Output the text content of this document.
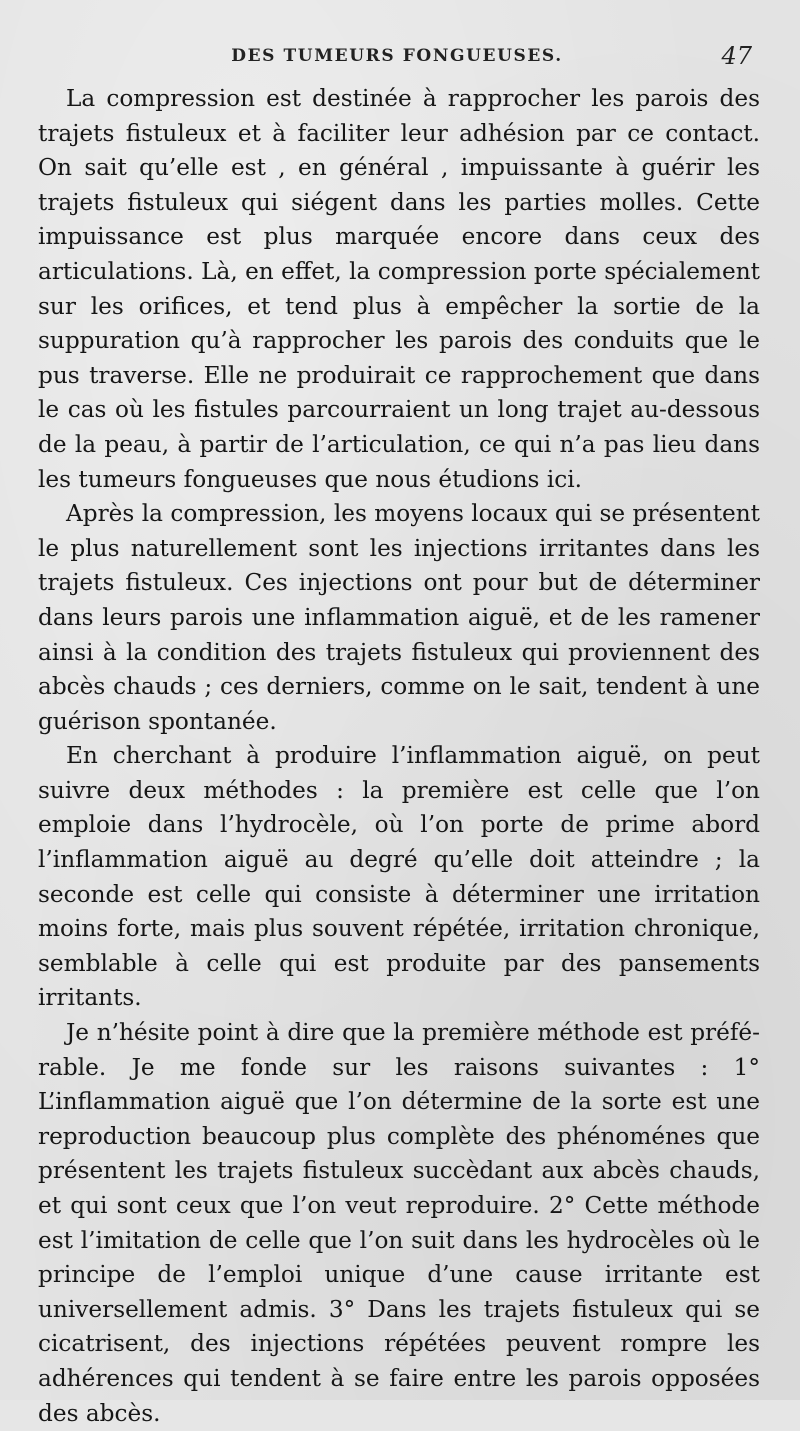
DES TUMEURS FONGUEUSES.	47

La compression est destinée à rapprocher les parois des trajets fistuleux et à faciliter leur adhésion par ce contact. On sait qu’elle est , en général , impuissante à guérir les trajets fistuleux qui siégent dans les parties molles. Cette impuissance est plus marquée encore dans ceux des articulations. Là, en effet, la compression porte spécialement sur les orifices, et tend plus à empêcher la sortie de la suppuration qu’à rapprocher les parois des conduits que le pus traverse. Elle ne produirait ce rapprochement que dans le cas où les fistules parcourraient un long trajet au-dessous de la peau, à partir de l’articulation, ce qui n’a pas lieu dans les tumeurs fongueuses que nous étudions ici.

Après la compression, les moyens locaux qui se présentent le plus naturellement sont les injections irritantes dans les trajets fistuleux. Ces injections ont pour but de déterminer dans leurs parois une inflammation aiguë, et de les ramener ainsi à la condition des trajets fistuleux qui proviennent des abcès chauds ; ces derniers, comme on le sait, tendent à une guérison spontanée.

En cherchant à produire l’inflammation aiguë, on peut suivre deux méthodes : la première est celle que l’on emploie dans l’hydrocèle, où l’on porte de prime abord l’inflammation aiguë au degré qu’elle doit atteindre ; la seconde est celle qui consiste à déterminer une irritation moins forte, mais plus souvent répétée, irritation chronique, semblable à celle qui est produite par des pansements irritants.

Je n’hésite point à dire que la première méthode est préférable. Je me fonde sur les raisons suivantes : 1° L’inflammation aiguë que l’on détermine de la sorte est une reproduction beaucoup plus complète des phénoménes que présentent les trajets fistuleux succèdant aux abcès chauds, et qui sont ceux que l’on veut reproduire. 2° Cette méthode est l’imitation de celle que l’on suit dans les hydrocèles où le principe de l’emploi unique d’une cause irritante est universellement admis. 3° Dans les trajets fistuleux qui se cicatrisent, des injections répétées peuvent rompre les adhérences qui tendent à se faire entre les parois opposées des abcès.
